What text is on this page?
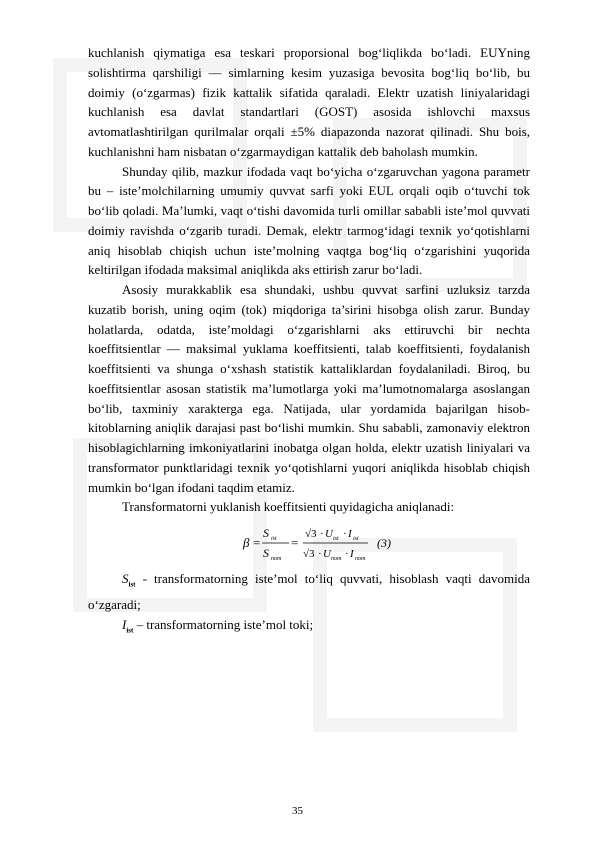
kuchlanish qiymatiga esa teskari proporsional bog‘liqlikda bo‘ladi. EUYning solishtirma qarshiligi — simlarning kesim yuzasiga bevosita bog‘liq bo‘lib, bu doimiy (o‘zgarmas) fizik kattalik sifatida qaraladi. Elektr uzatish liniyalaridagi kuchlanish esa davlat standartlari (GOST) asosida ishlovchi maxsus avtomatlashtirilgan qurilmalar orqali ±5% diapazonda nazorat qilinadi. Shu bois, kuchlanishni ham nisbatan o‘zgarmaydigan kattalik deb baholash mumkin.

Shunday qilib, mazkur ifodada vaqt bo‘yicha o‘zgaruvchan yagona parametr bu – iste’molchilarning umumiy quvvat sarfi yoki EUL orqali oqib o‘tuvchi tok bo‘lib qoladi. Ma’lumki, vaqt o‘tishi davomida turli omillar sababli iste’mol quvvati doimiy ravishda o‘zgarib turadi. Demak, elektr tarmog‘idagi texnik yo‘qotishlarni aniq hisoblab chiqish uchun iste’molning vaqtga bog‘liq o‘zgarishini yuqorida keltirilgan ifodada maksimal aniqlikda aks ettirish zarur bo‘ladi.

Asosiy murakkablik esa shundaki, ushbu quvvat sarfini uzluksiz tarzda kuzatib borish, uning oqim (tok) miqdoriga ta’sirini hisobga olish zarur. Bunday holatlarda, odatda, iste’moldagi o‘zgarishlarni aks ettiruvchi bir nechta koeffitsientlar — maksimal yuklama koeffitsienti, talab koeffitsienti, foydalanish koeffitsienti va shunga o‘xshash statistik kattaliklardan foydalaniladi. Biroq, bu koeffitsientlar asosan statistik ma’lumotlarga yoki ma’lumotnomalarga asoslangan bo‘lib, taxminiy xarakterga ega. Natijada, ular yordamida bajarilgan hisob-kitoblarning aniqlik darajasi past bo‘lishi mumkin. Shu sababli, zamonaviy elektron hisoblagichlarning imkoniyatlarini inobatga olgan holda, elektr uzatish liniyalari va transformator punktlaridagi texnik yo‘qotishlarni yuqori aniqlikda hisoblab chiqish mumkin bo‘lgan ifodani taqdim etamiz.

Transformatorni yuklanish koeffitsienti quyidagicha aniqlanadi:

β =
S ist
S nom
=
√3 · U ist · I ist
√3 · U nom · I nom
(3)

$S_{ist}$ - transformatorning iste’mol to‘liq quvvati, hisoblash vaqti davomida o‘zgaradi;

$I_{ist}$ – transformatorning iste’mol toki;

35
